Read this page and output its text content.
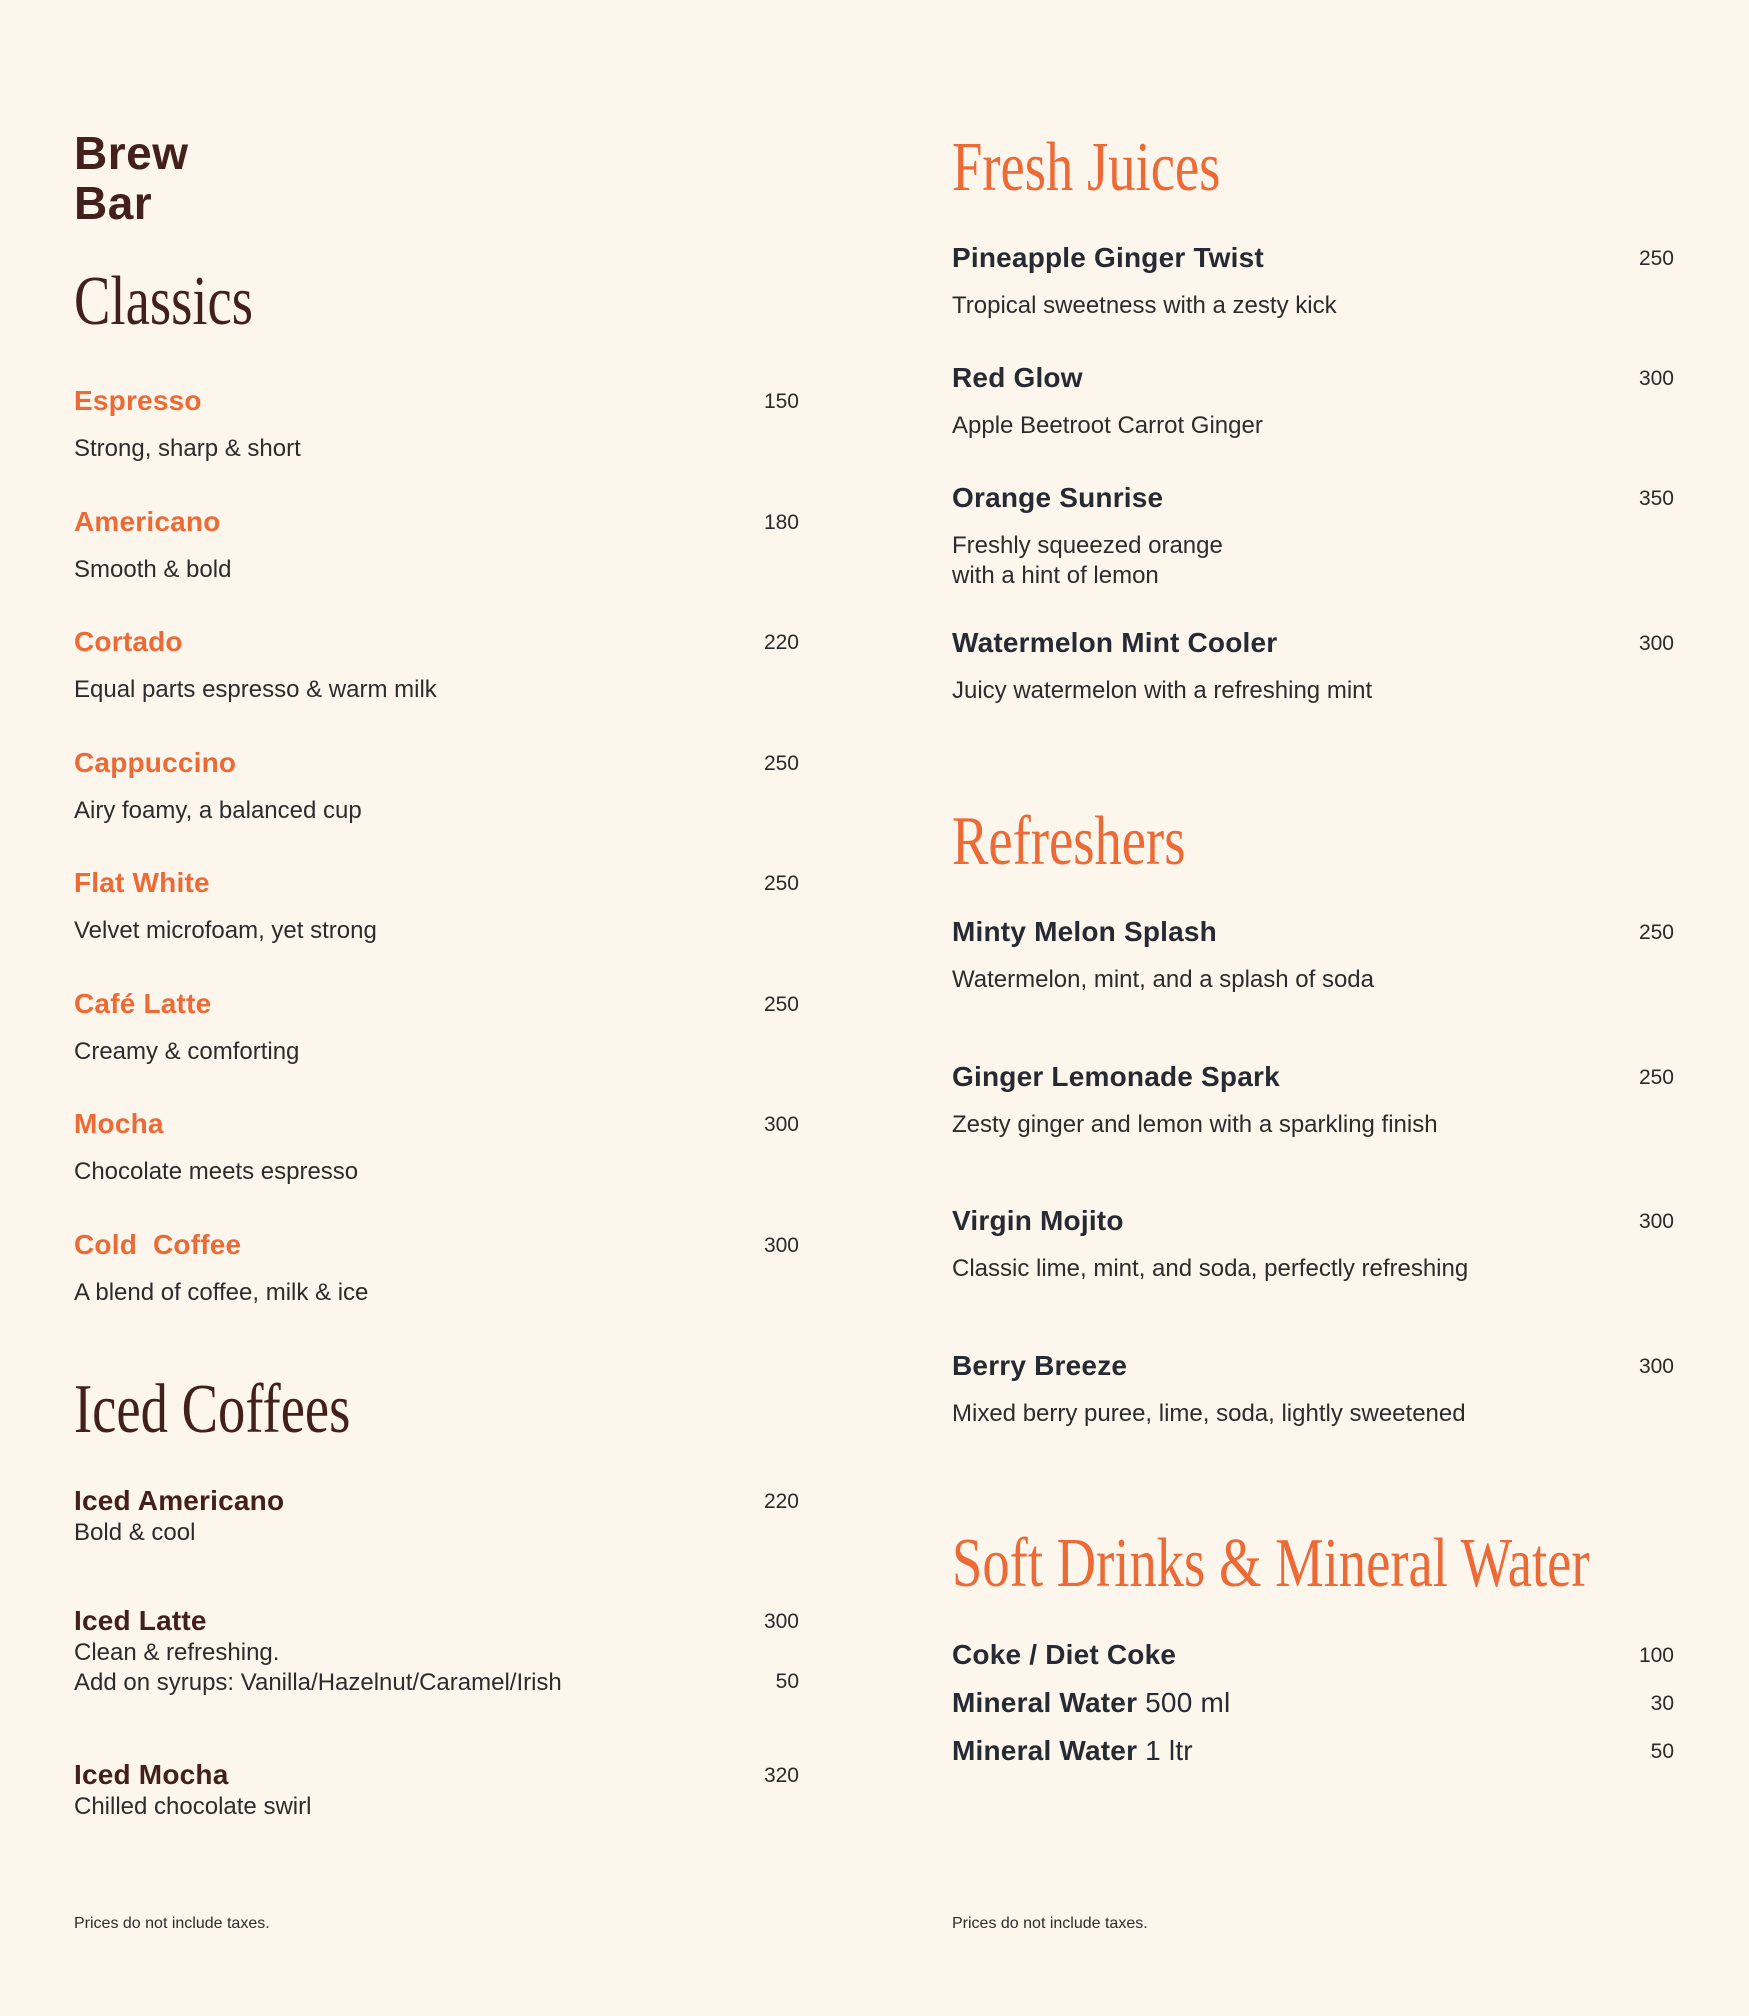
Brew
Bar
Classics
Espresso	150
Strong, sharp & short
Americano	180
Smooth & bold
Cortado	220
Equal parts espresso & warm milk
Cappuccino	250
Airy foamy, a balanced cup
Flat White	250
Velvet microfoam, yet strong
Café Latte	250
Creamy & comforting
Mocha	300
Chocolate meets espresso
Cold  Coffee	300
A blend of coffee, milk & ice
Iced Coffees
Iced Americano	220
Bold & cool
Iced Latte	300
Clean & refreshing.
Add on syrups: Vanilla/Hazelnut/Caramel/Irish	50
Iced Mocha	320
Chilled chocolate swirl
Prices do not include taxes.
Fresh Juices
Pineapple Ginger Twist	250
Tropical sweetness with a zesty kick
Red Glow	300
Apple Beetroot Carrot Ginger
Orange Sunrise	350
Freshly squeezed orange
with a hint of lemon
Watermelon Mint Cooler	300
Juicy watermelon with a refreshing mint
Refreshers
Minty Melon Splash	250
Watermelon, mint, and a splash of soda
Ginger Lemonade Spark	250
Zesty ginger and lemon with a sparkling finish
Virgin Mojito	300
Classic lime, mint, and soda, perfectly refreshing
Berry Breeze	300
Mixed berry puree, lime, soda, lightly sweetened
Soft Drinks & Mineral Water
Coke / Diet Coke	100
Mineral Water 500 ml	30
Mineral Water 1 ltr	50
Prices do not include taxes.
